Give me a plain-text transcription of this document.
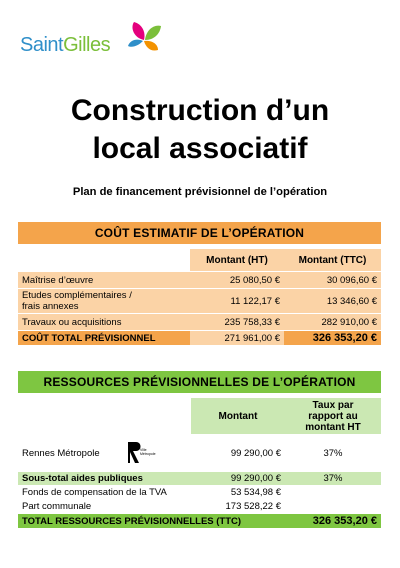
SaintGilles
Construction d’un
local associatif
Plan de financement prévisionnel de l’opération
COÛT ESTIMATIF DE L’OPÉRATION
	Montant (HT)	Montant (TTC)
Maîtrise d’œuvre	25 080,50 €	30 096,60 €
Etudes complémentaires /
frais annexes	11 122,17 €	13 346,60 €
Travaux ou acquisitions	235 758,33 €	282 910,00 €
COÛT TOTAL PRÉVISIONNEL	271 961,00 €	326 353,20 €
RESSOURCES PRÉVISIONNELLES DE L’OPÉRATION
	Montant	Taux par
rapport au
montant HT
Rennes Métropole Ville
Métropole	99 290,00 €	37%
Sous-total aides publiques	99 290,00 €	37%
Fonds de compensation de la TVA	53 534,98 €	
Part communale	173 528,22 €	
TOTAL RESSOURCES PRÉVISIONNELLES (TTC)		326 353,20 €
